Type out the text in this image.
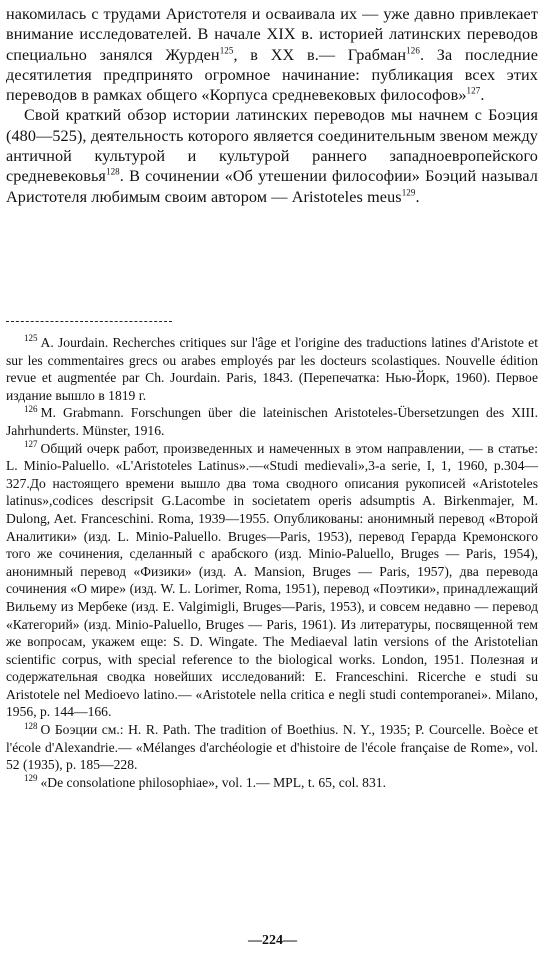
накомилась с трудами Аристотеля и осваивала их — уже давно привлекает внимание исследователей. В начале XIX в. историей латинских переводов специально занялся Журден$^{125}$, в XX в.— Грабман$^{126}$. За последние десятилетия предпринято огромное начинание: публикация всех этих переводов в рамках общего «Корпуса средневековых философов»$^{127}$.

Свой краткий обзор истории латинских переводов мы начнем с Боэция (480—525), деятельность которого является соединительным звеном между античной культурой и культурой раннего западноевропейского средневековья$^{128}$. В сочинении «Об утешении философии» Боэций называл Аристотеля любимым своим автором — Aristoteles meus$^{129}$.

$^{125}$ A. Jourdain. Recherches critiques sur l'âge et l'origine des traductions latines d'Aristote et sur les commentaires grecs ou arabes employés par les docteurs scolastiques. Nouvelle édition revue et augmentée par Ch. Jourdain. Paris, 1843. (Перепечатка: Нью-Йорк, 1960). Первое издание вышло в 1819 г.

$^{126}$ M. Grabmann. Forschungen über die lateinischen Aristoteles-Übersetzungen des XIII. Jahrhunderts. Münster, 1916.

$^{127}$ Общий очерк работ, произведенных и намеченных в этом направлении, — в статье: L. Minio-Paluello. «L'Aristoteles Latinus».—«Studi medievali»,3-a serie, I, 1, 1960, p.304—327.До настоящего времени вышло два тома сводного описания рукописей «Aristoteles latinus»,codices descripsit G.Lacombe in societatem operis adsumptis A. Birkenmajer, M. Dulong, Aet. Franceschini. Roma, 1939—1955. Опубликованы: анонимный перевод «Второй Аналитики» (изд. L. Minio-Paluello. Bruges—Paris, 1953), перевод Герарда Кремонского того же сочинения, сделанный с арабского (изд. Minio-Paluello, Bruges — Paris, 1954), анонимный перевод «Физики» (изд. A. Mansion, Bruges — Paris, 1957), два перевода сочинения «О мире» (изд. W. L. Lorimer, Roma, 1951), перевод «Поэтики», принадлежащий Вильему из Мербеке (изд. E. Valgimigli, Bruges—Paris, 1953), и совсем недавно — перевод «Категорий» (изд. Minio-Paluello, Bruges — Paris, 1961). Из литературы, посвященной тем же вопросам, укажем еще: S. D. Wingate. The Mediaeval latin versions of the Aristotelian scientific corpus, with special reference to the biological works. London, 1951. Полезная и содержательная сводка новейших исследований: E. Franceschini. Ricerche e studi su Aristotele nel Medioevo latino.— «Aristotele nella critica e negli studi contemporanei». Milano, 1956, p. 144—166.

$^{128}$ О Боэции см.: H. R. Path. The tradition of Boethius. N. Y., 1935; P. Courcelle. Boèce et l'école d'Alexandrie.— «Mélanges d'archéologie et d'histoire de l'école française de Rome», vol. 52 (1935), p. 185—228.

$^{129}$ «De consolatione philosophiae», vol. 1.— MPL, t. 65, col. 831.

—224—
